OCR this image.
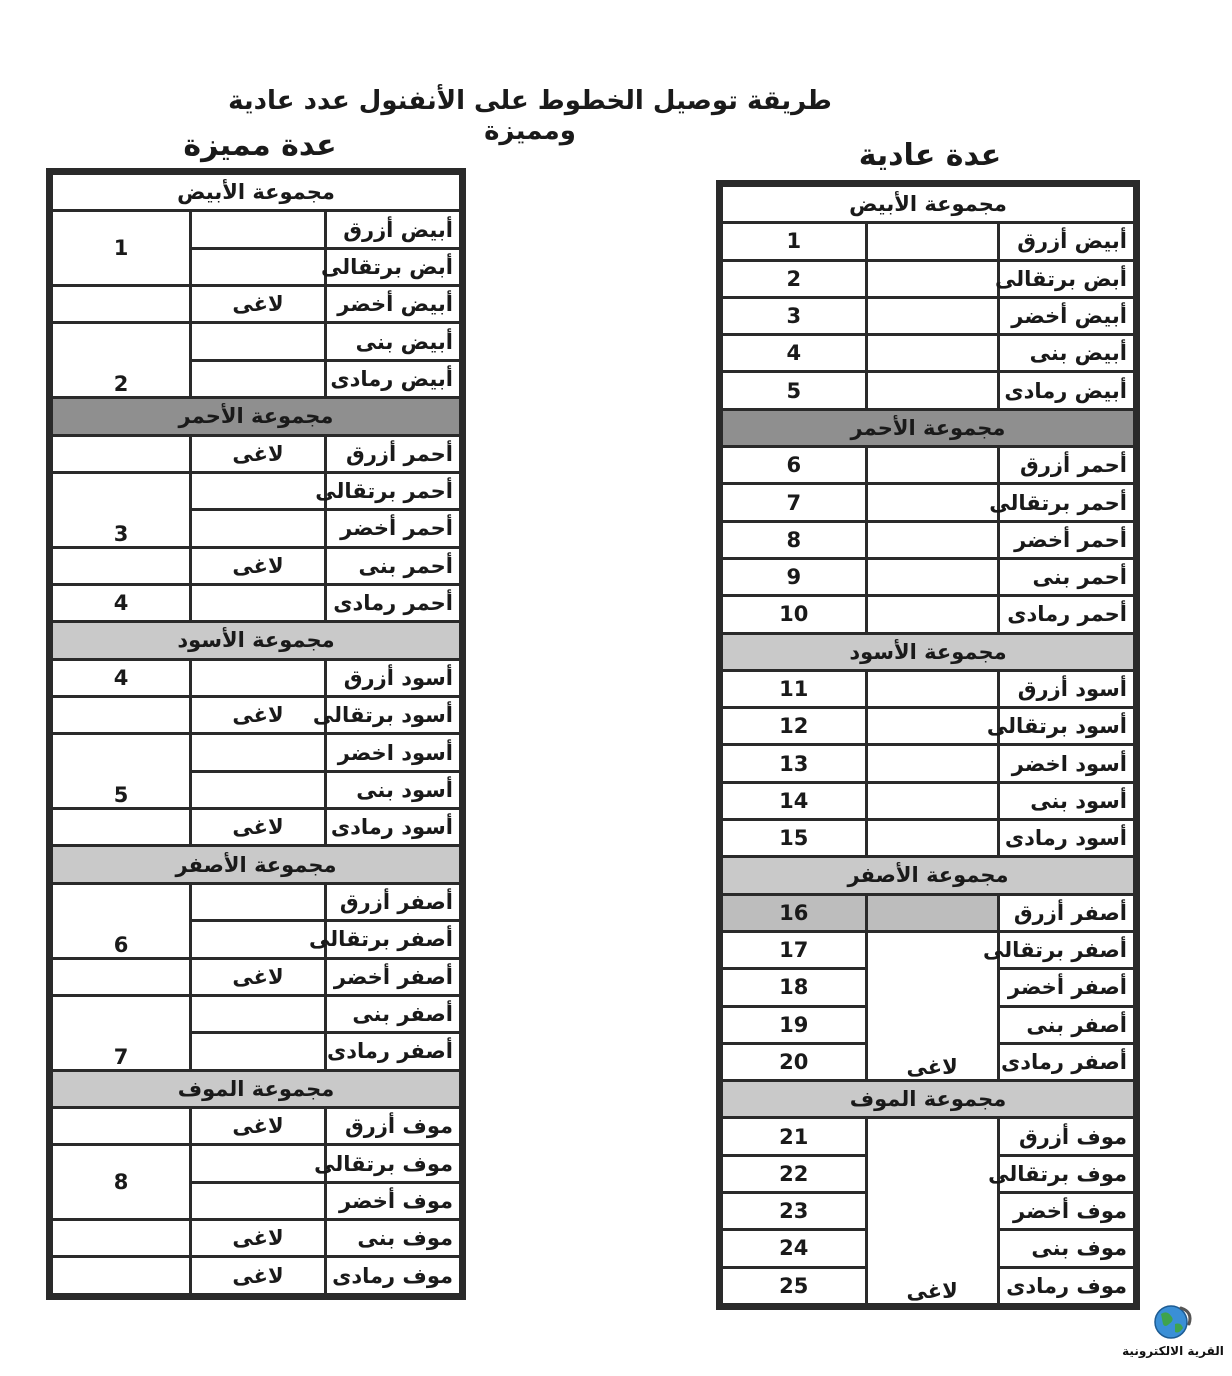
طريقة توصيل الخطوط على الأنفنول عدد عادية ومميزة
عدة مميزة
مجموعة الأبيض		
أبيض أزرق		1
أبض برتقالى		
أبيض أخضر	لاغى	
أبيض بنى		2
أبيض رمادى		
مجموعة الأحمر		
أحمر أزرق	لاغى	
أحمر برتقالى		3
أحمر أخضر		
أحمر بنى	لاغى	
أحمر رمادى		4
مجموعة الأسود		
أسود أزرق		4
أسود برتقالى	لاغى	
أسود اخضر		5
أسود بنى		
أسود رمادى	لاغى	
مجموعة الأصفر		
أصفر أزرق		6
أصفر برتقالى		
أصفر أخضر	لاغى	
أصفر بنى		7
أصفر رمادى		
مجموعة الموف		
موف أزرق	لاغى	
موف برتقالى		8
موف أخضر		
موف بنى	لاغى	
موف رمادى	لاغى	
عدة عادية
مجموعة الأبيض		
أبيض أزرق		1
أبض برتقالى		2
أبيض أخضر		3
أبيض بنى		4
أبيض رمادى		5
مجموعة الأحمر		
أحمر أزرق		6
أحمر برتقالى		7
أحمر أخضر		8
أحمر بنى		9
أحمر رمادى		10
مجموعة الأسود		
أسود أزرق		11
أسود برتقالى		12
أسود اخضر		13
أسود بنى		14
أسود رمادى		15
مجموعة الأصفر		
أصفر أزرق		16
أصفر برتقالى	لاغى	17
أصفر أخضر		18
أصفر بنى		19
أصفر رمادى		20
مجموعة الموف		
موف أزرق	لاغى	21
موف برتقالى		22
موف أخضر		23
موف بنى		24
موف رمادى		25
القرية الالكترونية
